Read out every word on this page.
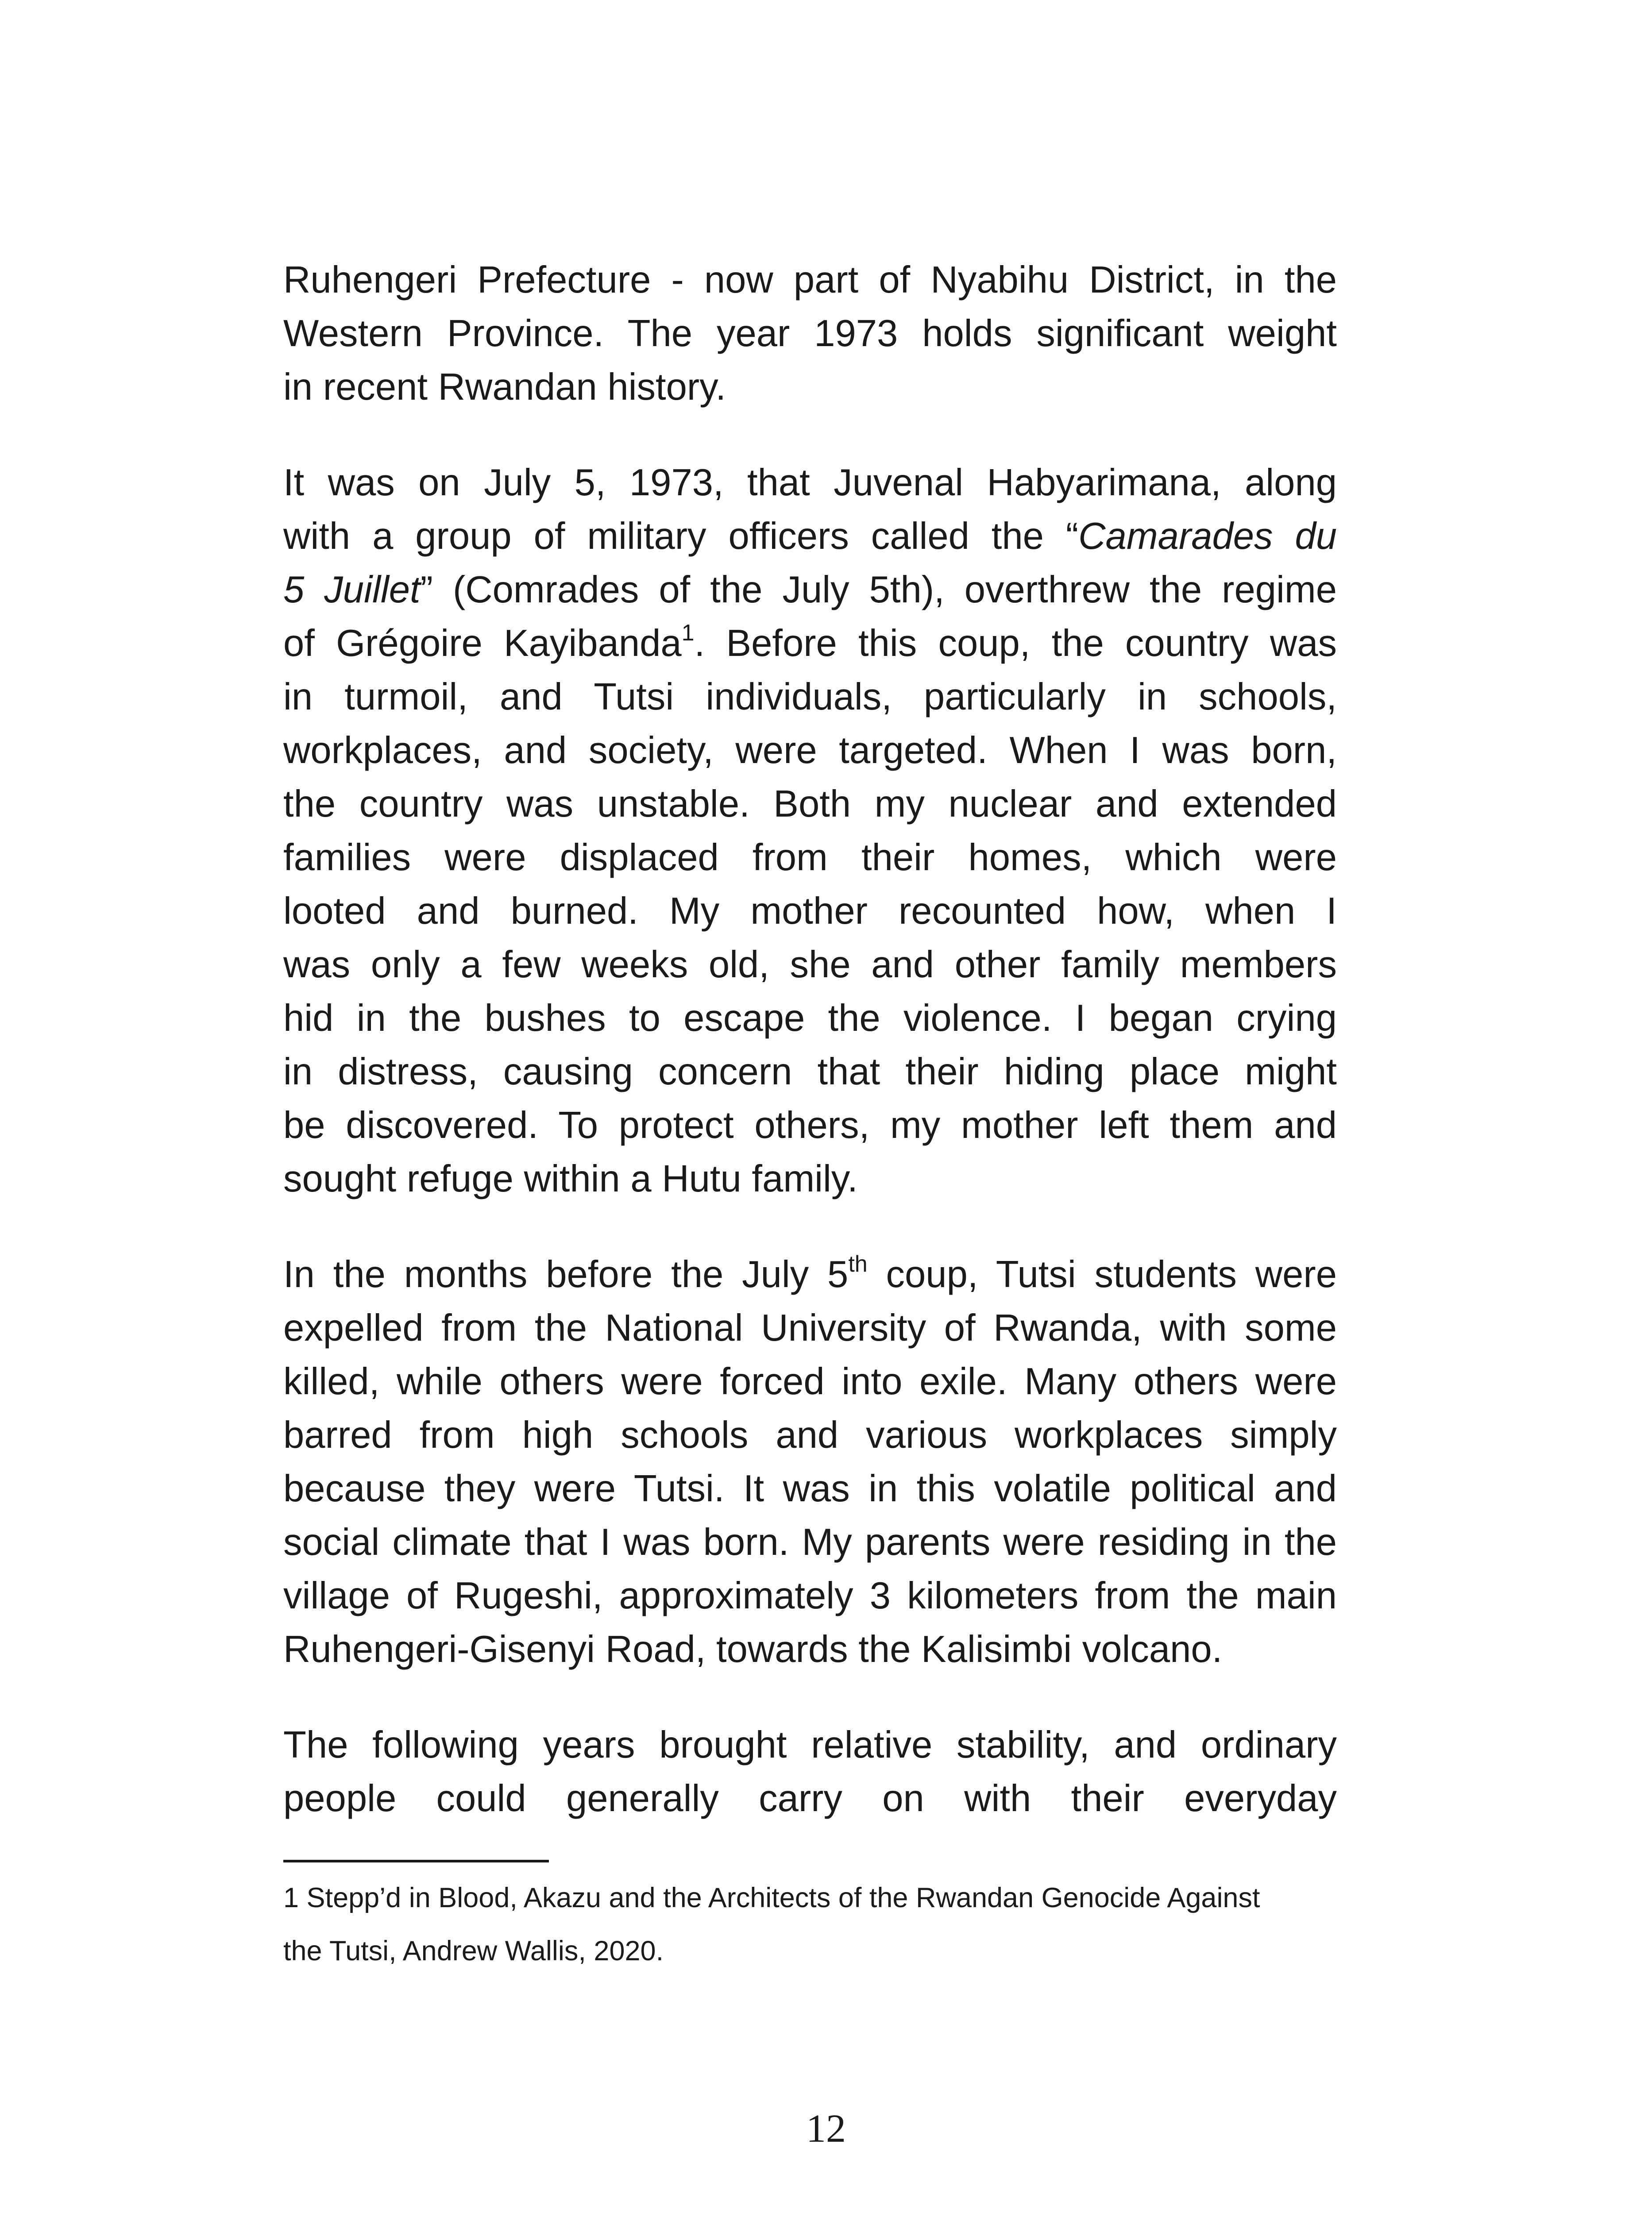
Ruhengeri Prefecture - now part of Nyabihu District, in the
Western Province. The year 1973 holds significant weight
in recent Rwandan history.

It was on July 5, 1973, that Juvenal Habyarimana, along
with a group of military officers called the “Camarades du
5 Juillet” (Comrades of the July 5th), overthrew the regime
of Grégoire Kayibanda$^1$. Before this coup, the country was
in turmoil, and Tutsi individuals, particularly in schools,
workplaces, and society, were targeted. When I was born,
the country was unstable. Both my nuclear and extended
families were displaced from their homes, which were
looted and burned. My mother recounted how, when I
was only a few weeks old, she and other family members
hid in the bushes to escape the violence. I began crying
in distress, causing concern that their hiding place might
be discovered. To protect others, my mother left them and
sought refuge within a Hutu family.

In the months before the July 5th coup, Tutsi students were
expelled from the National University of Rwanda, with some
killed, while others were forced into exile. Many others were
barred from high schools and various workplaces simply
because they were Tutsi. It was in this volatile political and
social climate that I was born. My parents were residing in the
village of Rugeshi, approximately 3 kilometers from the main
Ruhengeri-Gisenyi Road, towards the Kalisimbi volcano.

The following years brought relative stability, and ordinary
people could generally carry on with their everyday

1 Stepp’d in Blood, Akazu and the Architects of the Rwandan Genocide Against
the Tutsi, Andrew Wallis, 2020.
12
